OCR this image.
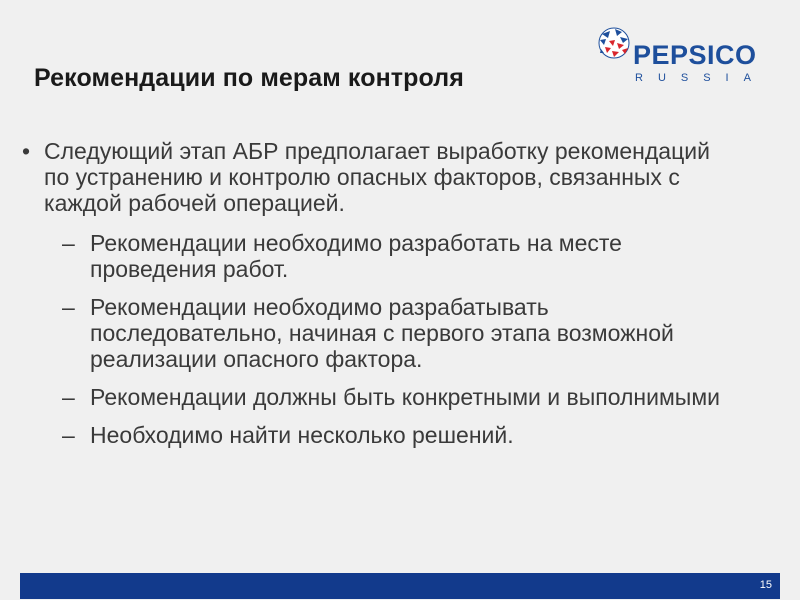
Рекомендации по мерам контроля
PEPSICO
RUSSIA
• Следующий этап АБР предполагает выработку рекомендаций по устранению и контролю опасных факторов, связанных с каждой рабочей операцией.
– Рекомендации необходимо разработать на месте проведения работ.
– Рекомендации необходимо разрабатывать последовательно, начиная с первого этапа возможной реализации опасного фактора.
– Рекомендации должны быть конкретными и выполнимыми
– Необходимо найти несколько решений.
15
